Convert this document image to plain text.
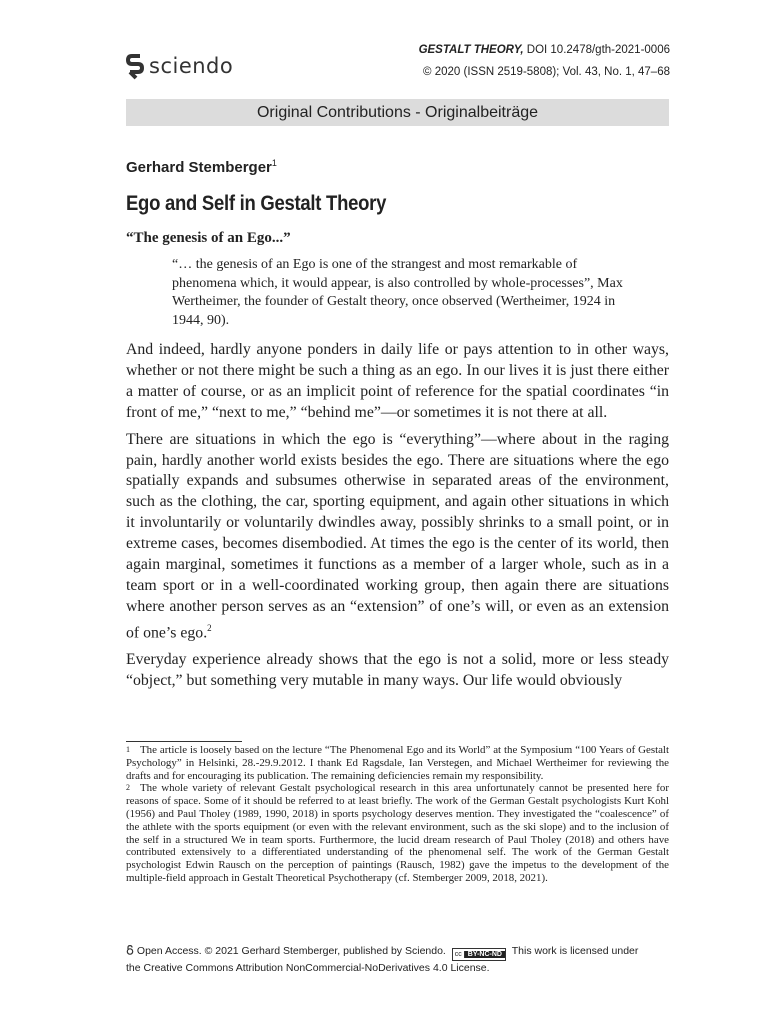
sciendo
GESTALT THEORY, DOI 10.2478/gth-2021-0006
© 2020 (ISSN 2519-5808); Vol. 43, No. 1, 47–68
Original Contributions - Originalbeiträge
Gerhard Stemberger$^1$
Ego and Self in Gestalt Theory
“The genesis of an Ego...”
“… the genesis of an Ego is one of the strangest and most remarkable of phenomena which, it would appear, is also controlled by whole-processes”, Max Wertheimer, the founder of Gestalt theory, once observed (Wertheimer, 1924 in 1944, 90).

And indeed, hardly anyone ponders in daily life or pays attention to in other ways, whether or not there might be such a thing as an ego. In our lives it is just there either a matter of course, or as an implicit point of reference for the spatial coordinates “in front of me,” “next to me,” “behind me”—or sometimes it is not there at all.

There are situations in which the ego is “everything”—where about in the raging pain, hardly another world exists besides the ego. There are situations where the ego spatially expands and subsumes otherwise in separated areas of the environment, such as the clothing, the car, sporting equipment, and again other situations in which it involuntarily or voluntarily dwindles away, possibly shrinks to a small point, or in extreme cases, becomes disembodied. At times the ego is the center of its world, then again marginal, sometimes it functions as a member of a larger whole, such as in a team sport or in a well-coordinated working group, then again there are situations where another person serves as an “extension” of one’s will, or even as an extension of one’s ego.$^2$

Everyday experience already shows that the ego is not a solid, more or less steady “object,” but something very mutable in many ways. Our life would obviously

$^1$ The article is loosely based on the lecture “The Phenomenal Ego and its World” at the Symposium “100 Years of Gestalt Psychology” in Helsinki, 28.-29.9.2012. I thank Ed Ragsdale, Ian Verstegen, and Michael Wertheimer for reviewing the drafts and for encouraging its publication. The remaining deficiencies remain my responsibility.

$^2$ The whole variety of relevant Gestalt psychological research in this area unfortunately cannot be presented here for reasons of space. Some of it should be referred to at least briefly. The work of the German Gestalt psychologists Kurt Kohl (1956) and Paul Tholey (1989, 1990, 2018) in sports psychology deserves mention. They investigated the “coalescence” of the athlete with the sports equipment (or even with the relevant environment, such as the ski slope) and to the inclusion of the self in a structured We in team sports. Furthermore, the lucid dream research of Paul Tholey (2018) and others have contributed extensively to a differentiated understanding of the phenomenal self. The work of the German Gestalt psychologist Edwin Rausch on the perception of paintings (Rausch, 1982) gave the impetus to the development of the multiple-field approach in Gestalt Theoretical Psychotherapy (cf. Stemberger 2009, 2018, 2021).

Open Access. © 2021 Gerhard Stemberger, published by Sciendo. cc BY-NC-ND This work is licensed under
the Creative Commons Attribution NonCommercial-NoDerivatives 4.0 License.
